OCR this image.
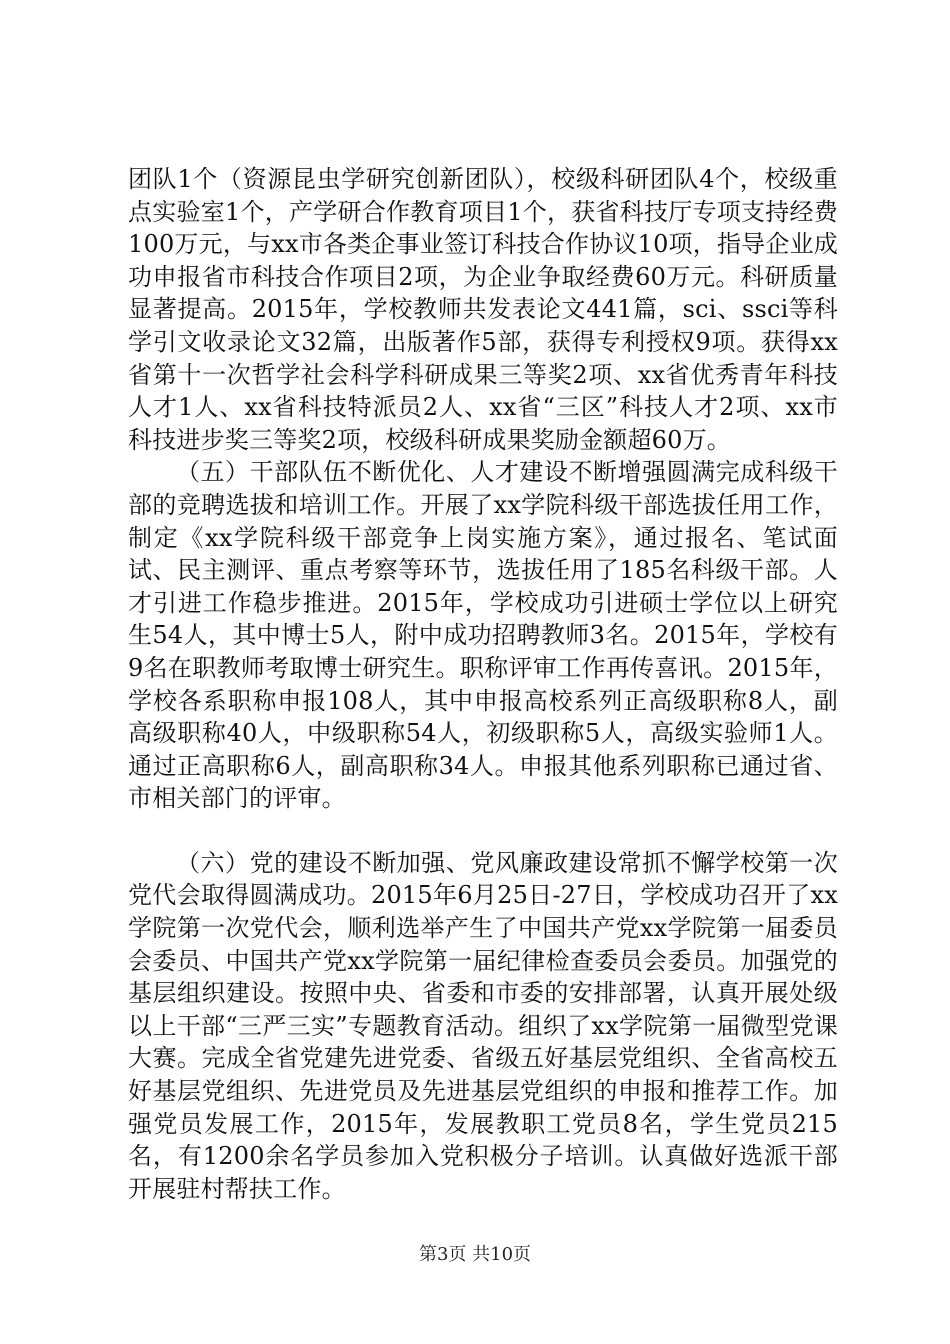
团队1个（资源昆虫学研究创新团队），校级科研团队4个，校级重点实验室1个，产学研合作教育项目1个，获省科技厅专项支持经费100万元，与xx市各类企事业签订科技合作协议10项，指导企业成功申报省市科技合作项目2项，为企业争取经费60万元。科研质量显著提高。2015年，学校教师共发表论文441篇，sci、ssci等科学引文收录论文32篇，出版著作5部，获得专利授权9项。获得xx省第十一次哲学社会科学科研成果三等奖2项、xx省优秀青年科技人才1人、xx省科技特派员2人、xx省“三区”科技人才2项、xx市科技进步奖三等奖2项，校级科研成果奖励金额超60万。

（五）干部队伍不断优化、人才建设不断增强圆满完成科级干部的竞聘选拔和培训工作。开展了xx学院科级干部选拔任用工作，制定《xx学院科级干部竞争上岗实施方案》，通过报名、笔试面试、民主测评、重点考察等环节，选拔任用了185名科级干部。人才引进工作稳步推进。2015年，学校成功引进硕士学位以上研究生54人，其中博士5人，附中成功招聘教师3名。2015年，学校有9名在职教师考取博士研究生。职称评审工作再传喜讯。2015年，学校各系职称申报108人，其中申报高校系列正高级职称8人，副高级职称40人，中级职称54人，初级职称5人，高级实验师1人。通过正高职称6人，副高职称34人。申报其他系列职称已通过省、市相关部门的评审。

（六）党的建设不断加强、党风廉政建设常抓不懈学校第一次党代会取得圆满成功。2015年6月25日-27日，学校成功召开了xx学院第一次党代会，顺利选举产生了中国共产党xx学院第一届委员会委员、中国共产党xx学院第一届纪律检查委员会委员。加强党的基层组织建设。按照中央、省委和市委的安排部署，认真开展处级以上干部“三严三实”专题教育活动。组织了xx学院第一届微型党课大赛。完成全省党建先进党委、省级五好基层党组织、全省高校五好基层党组织、先进党员及先进基层党组织的申报和推荐工作。加强党员发展工作，2015年，发展教职工党员8名，学生党员215名，有1200余名学员参加入党积极分子培训。认真做好选派干部开展驻村帮扶工作。

第3页 共10页
